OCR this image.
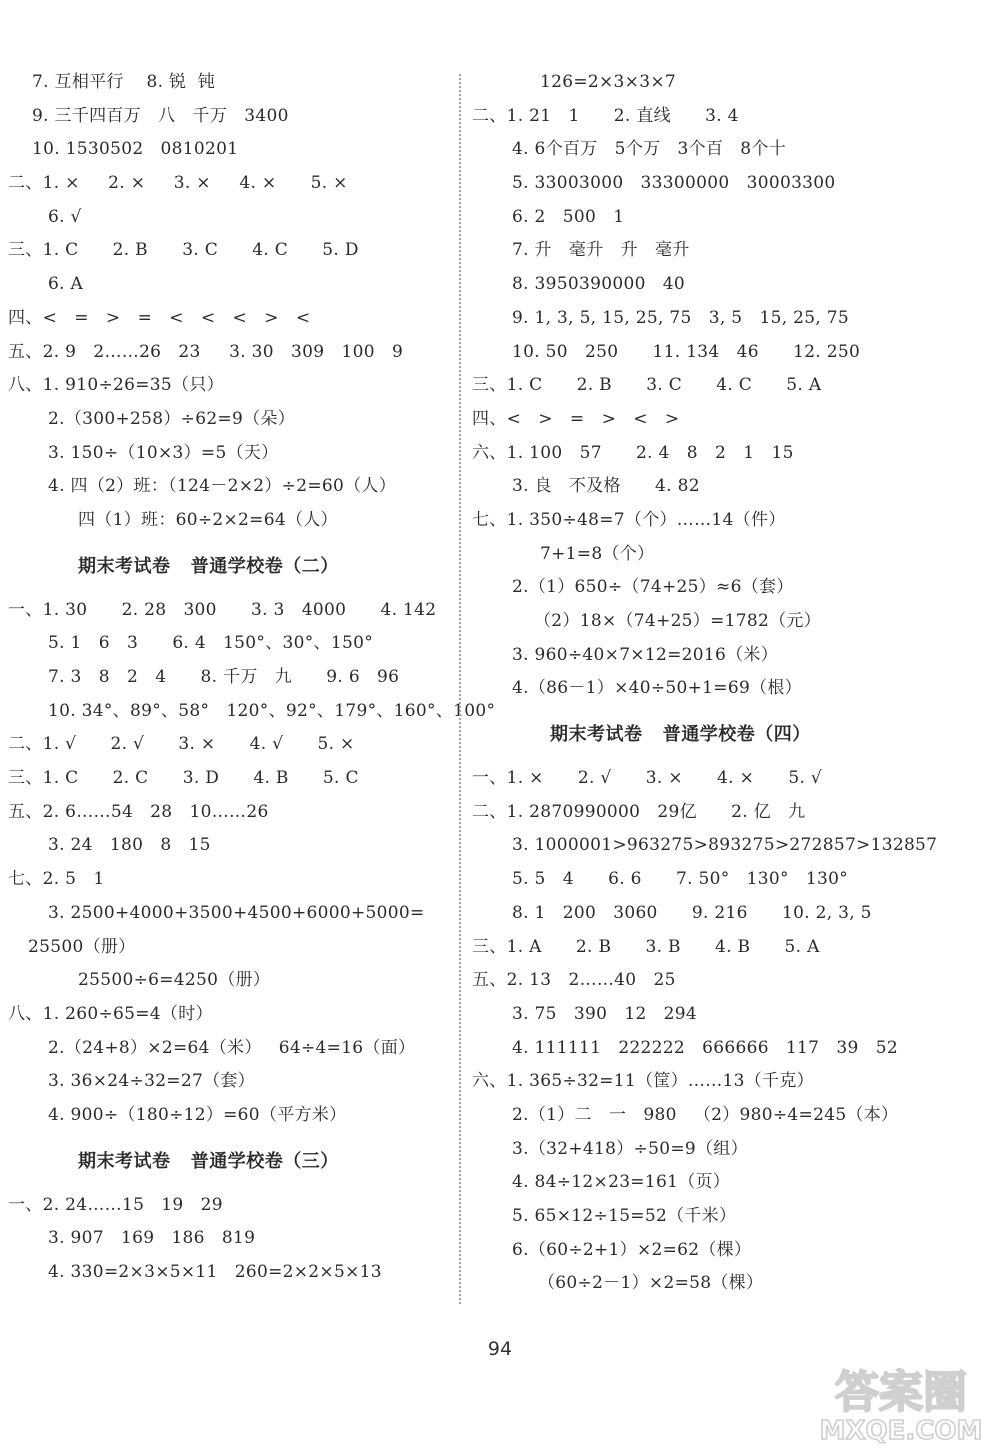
7. 互相平行    8. 锐  钝
9. 三千四百万   八   千万   3400
10. 1530502   0810201
二、1. ×     2. ×     3. ×     4. ×      5. ×
6. √
三、1. C      2. B      3. C      4. C      5. D
6. A
四、<   =   >   =   <   <   <   >   <
五、2. 9   2……26   23     3. 30   309   100   9
八、1. 910÷26=35（只）
2.（300+258）÷62=9（朵）
3. 150÷（10×3）=5（天）
4. 四（2）班：（124－2×2）÷2=60（人）
四（1）班：60÷2×2=64（人）
期末考试卷   普通学校卷（二）
一、1. 30      2. 28   300      3. 3   4000      4. 142
5. 1   6   3      6. 4   150°、30°、150°
7. 3   8   2   4      8. 千万   九      9. 6   96
10. 34°、89°、58°   120°、92°、179°、160°、100°
二、1. √      2. √      3. ×      4. √      5. ×
三、1. C      2. C      3. D      4. B      5. C
五、2. 6……54   28   10……26
3. 24   180   8   15
七、2. 5   1
3. 2500+4000+3500+4500+6000+5000=
25500（册）
25500÷6=4250（册）
八、1. 260÷65=4（时）
2.（24+8）×2=64（米）   64÷4=16（面）
3. 36×24÷32=27（套）
4. 900÷（180÷12）=60（平方米）
期末考试卷   普通学校卷（三）
一、2. 24……15   19   29
3. 907   169   186   819
4. 330=2×3×5×11   260=2×2×5×13
126=2×3×3×7
二、1. 21   1      2. 直线      3. 4
4. 6个百万   5个万   3个百   8个十
5. 33003000   33300000   30003300
6. 2   500   1
7. 升   毫升   升   毫升
8. 3950390000   40
9. 1, 3, 5, 15, 25, 75   3, 5   15, 25, 75
10. 50   250      11. 134   46      12. 250
三、1. C      2. B      3. C      4. C      5. A
四、<   >   =   >   <   >
六、1. 100   57      2. 4   8   2   1   15
3. 良   不及格      4. 82
七、1. 350÷48=7（个）……14（件）
7+1=8（个）
2.（1）650÷（74+25）≈6（套）
（2）18×（74+25）=1782（元）
3. 960÷40×7×12=2016（米）
4.（86－1）×40÷50+1=69（根）
期末考试卷   普通学校卷（四）
一、1. ×      2. √      3. ×      4. ×      5. √
二、1. 2870990000   29亿      2. 亿   九
3. 1000001>963275>893275>272857>132857
5. 5   4      6. 6      7. 50°   130°   130°
8. 1   200   3060      9. 216      10. 2, 3, 5
三、1. A      2. B      3. B      4. B      5. A
五、2. 13   2……40   25
3. 75   390   12   294
4. 111111   222222   666666   117   39   52
六、1. 365÷32=11（筐）……13（千克）
2.（1）二   一   980   （2）980÷4=245（本）
3.（32+418）÷50=9（组）
4. 84÷12×23=161（页）
5. 65×12÷15=52（千米）
6.（60÷2+1）×2=62（棵）
（60÷2－1）×2=58（棵）
94
答案圈
MXQE.COM
